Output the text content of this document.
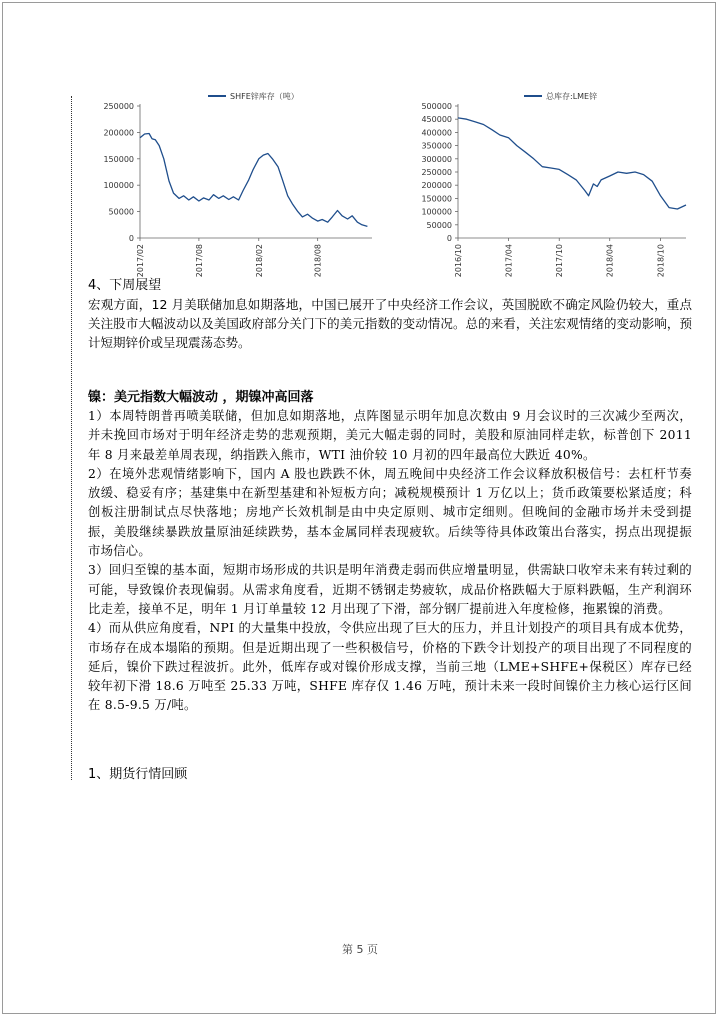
SHFE锌库存（吨）
250000
200000
150000
100000
50000
0
2017/02	2017/08	2018/02	2018/08
总库存:LME锌
500000
450000
400000
350000
300000
250000
200000
150000
100000
50000
0
2016/10	2017/04	2017/10	2018/04	2018/10
4、下周展望

宏观方面，12 月美联储加息如期落地，中国已展开了中央经济工作会议，英国脱欧不确定风险仍较大，重点关注股市大幅波动以及美国政府部分关门下的美元指数的变动情况。总的来看，关注宏观情绪的变动影响，预计短期锌价或呈现震荡态势。

镍：美元指数大幅波动 ，期镍冲高回落

1）本周特朗普再喷美联储，但加息如期落地，点阵图显示明年加息次数由 9 月会议时的三次减少至两次，并未挽回市场对于明年经济走势的悲观预期，美元大幅走弱的同时，美股和原油同样走软，标普创下 2011 年 8 月来最差单周表现，纳指跌入熊市，WTI 油价较 10 月初的四年最高位大跌近 40%。

2）在境外悲观情绪影响下，国内 A 股也跌跌不休，周五晚间中央经济工作会议释放积极信号：去杠杆节奏放缓、稳妥有序；基建集中在新型基建和补短板方向；减税规模预计 1 万亿以上；货币政策要松紧适度；科创板注册制试点尽快落地；房地产长效机制是由中央定原则、城市定细则。但晚间的金融市场并未受到提振，美股继续暴跌放量原油延续跌势，基本金属同样表现疲软。后续等待具体政策出台落实，拐点出现提振市场信心。

3）回归至镍的基本面，短期市场形成的共识是明年消费走弱而供应增量明显，供需缺口收窄未来有转过剩的可能，导致镍价表现偏弱。从需求角度看，近期不锈钢走势疲软，成品价格跌幅大于原料跌幅，生产利润环比走差，接单不足，明年 1 月订单量较 12 月出现了下滑，部分钢厂提前进入年度检修，拖累镍的消费。

4）而从供应角度看，NPI 的大量集中投放，令供应出现了巨大的压力，并且计划投产的项目具有成本优势，市场存在成本塌陷的预期。但是近期出现了一些积极信号，价格的下跌令计划投产的项目出现了不同程度的延后，镍价下跌过程波折。此外，低库存或对镍价形成支撑，当前三地（LME+SHFE+保税区）库存已经较年初下滑 18.6 万吨至 25.33 万吨，SHFE 库存仅 1.46 万吨，预计未来一段时间镍价主力核心运行区间在 8.5-9.5 万/吨。

1、期货行情回顾
第 5 页
